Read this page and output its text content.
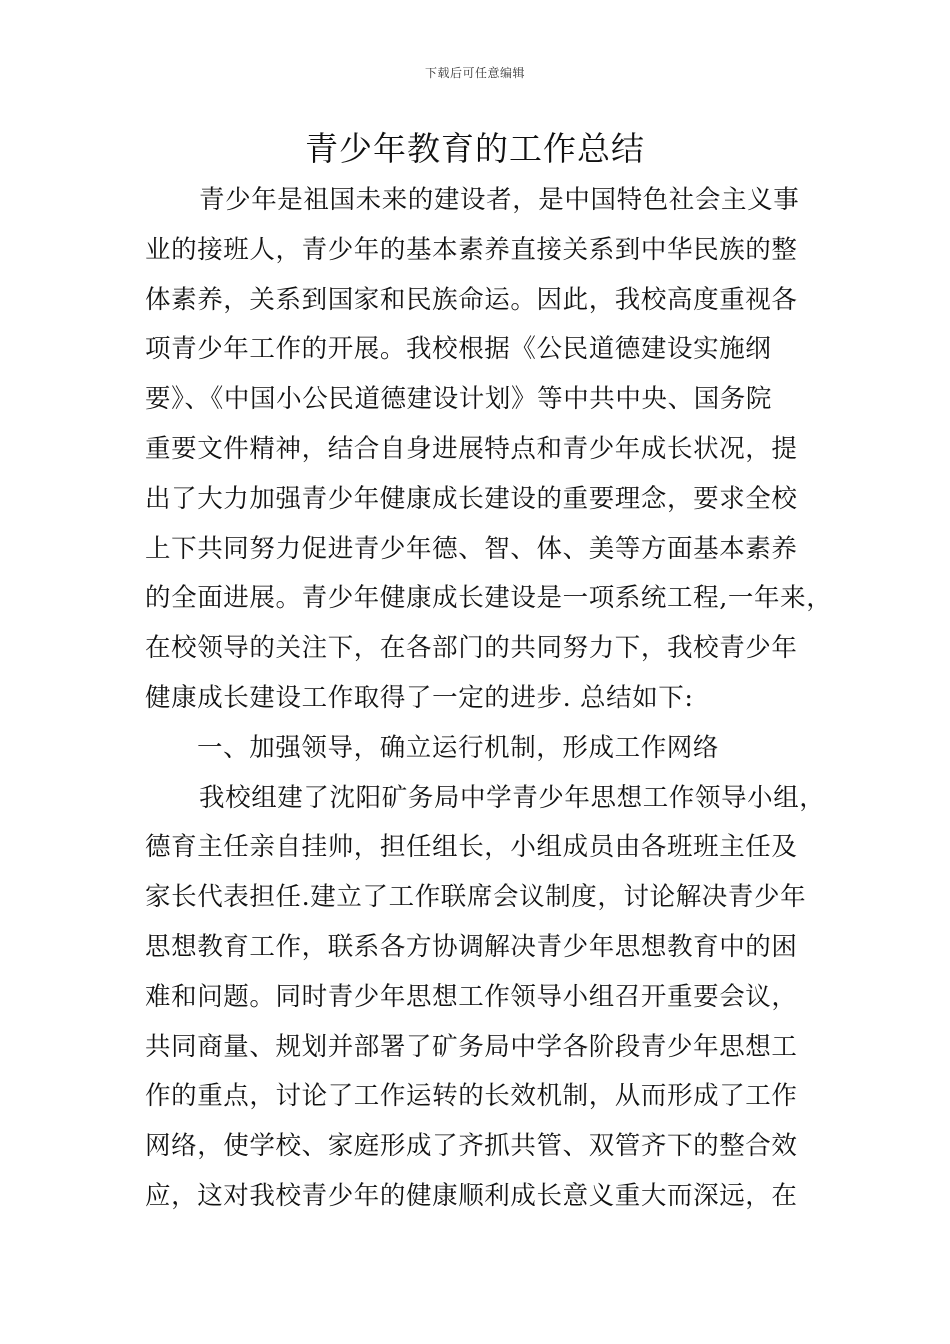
下载后可任意编辑
青少年教育的工作总结
青少年是祖国未来的建设者，是中国特色社会主义事
业的接班人，青少年的基本素养直接关系到中华民族的整
体素养，关系到国家和民族命运。因此，我校高度重视各
项青少年工作的开展。我校根据《公民道德建设实施纲
要》、《中国小公民道德建设计划》等中共中央、国务院
重要文件精神，结合自身进展特点和青少年成长状况，提
出了大力加强青少年健康成长建设的重要理念，要求全校
上下共同努力促进青少年德、智、体、美等方面基本素养
的全面进展。青少年健康成长建设是一项系统工程,一年来，
在校领导的关注下，在各部门的共同努力下，我校青少年
健康成长建设工作取得了一定的进步. 总结如下:
一、加强领导，确立运行机制，形成工作网络
我校组建了沈阳矿务局中学青少年思想工作领导小组，
德育主任亲自挂帅，担任组长，小组成员由各班班主任及
家长代表担任.建立了工作联席会议制度，讨论解决青少年
思想教育工作，联系各方协调解决青少年思想教育中的困
难和问题。同时青少年思想工作领导小组召开重要会议，
共同商量、规划并部署了矿务局中学各阶段青少年思想工
作的重点，讨论了工作运转的长效机制，从而形成了工作
网络，使学校、家庭形成了齐抓共管、双管齐下的整合效
应，这对我校青少年的健康顺利成长意义重大而深远，在
